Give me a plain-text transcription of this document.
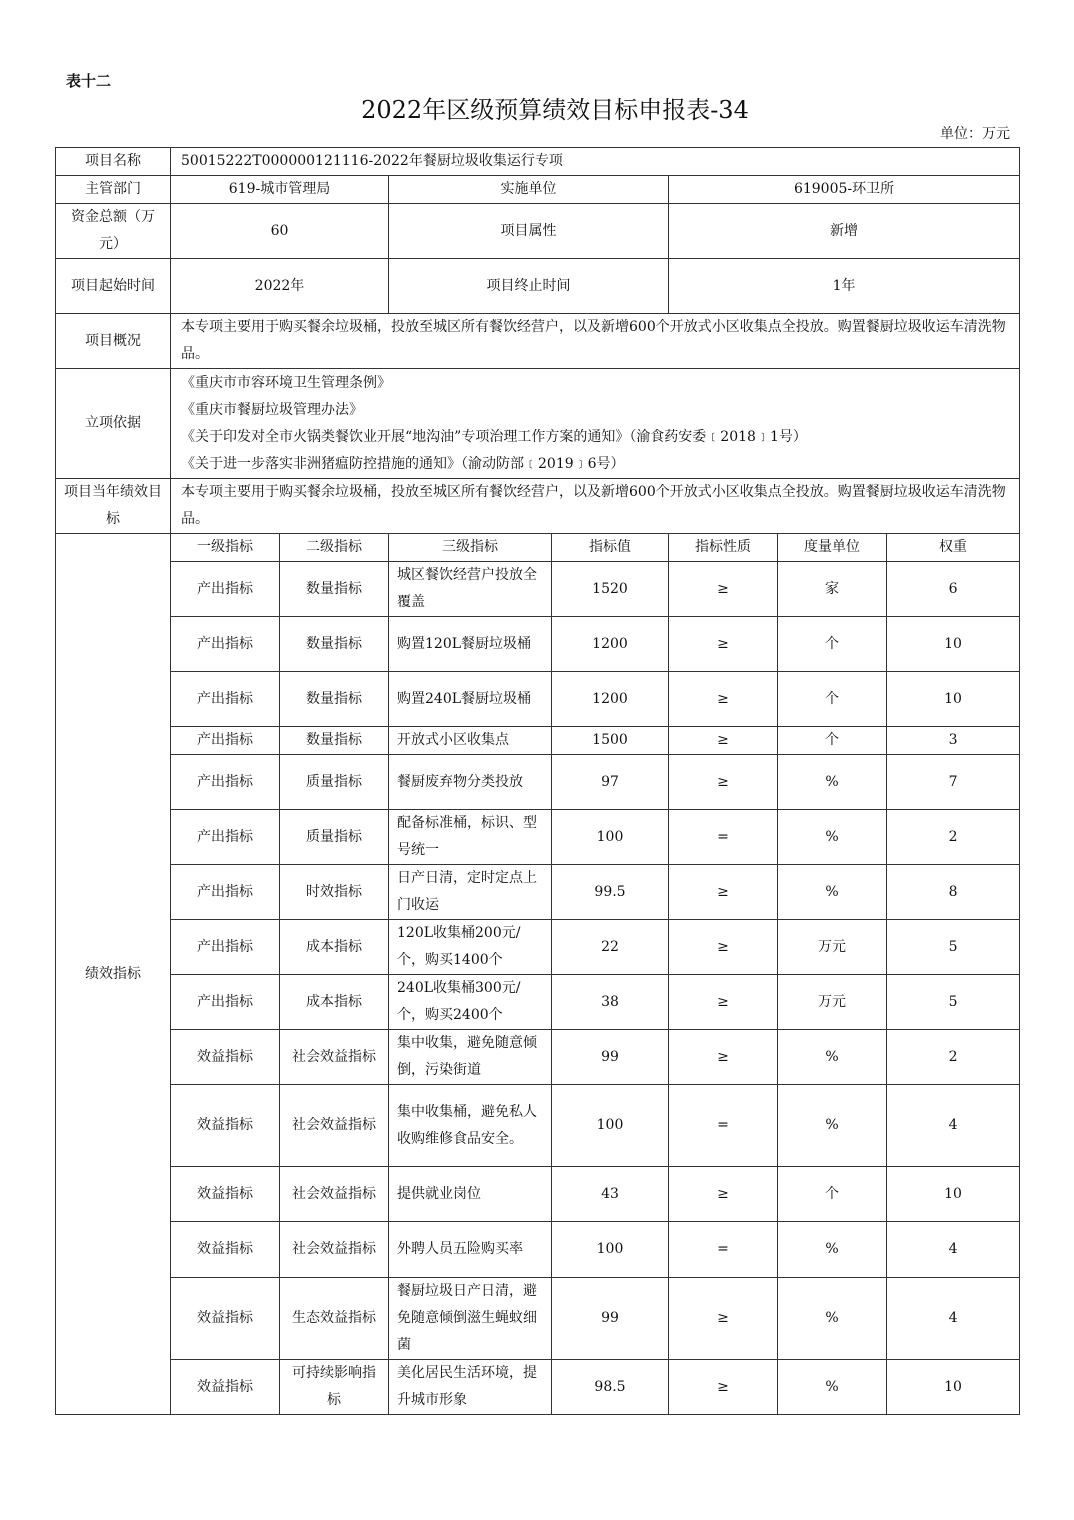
表十二
2022年区级预算绩效目标申报表-34
单位：万元
项目名称	50015222T000000121116-2022年餐厨垃圾收集运行专项						
主管部门	619-城市管理局		实施单位		619005-环卫所		
资金总额（万元）	60		项目属性		新增		
项目起始时间	2022年		项目终止时间		1年		
项目概况	本专项主要用于购买餐余垃圾桶，投放至城区所有餐饮经营户，以及新增600个开放式小区收集点全投放。购置餐厨垃圾收运车清洗物品。						
立项依据	《重庆市市容环境卫生管理条例》
《重庆市餐厨垃圾管理办法》
《关于印发对全市火锅类餐饮业开展“地沟油”专项治理工作方案的通知》（渝食药安委﹝2018﹞1号）
《关于进一步落实非洲猪瘟防控措施的通知》（渝动防部﹝2019﹞6号）						

项目当年绩效目标	本专项主要用于购买餐余垃圾桶，投放至城区所有餐饮经营户，以及新增600个开放式小区收集点全投放。购置餐厨垃圾收运车清洗物品。						
绩效指标	一级指标	二级指标	三级指标	指标值	指标性质	度量单位	权重
	产出指标	数量指标	城区餐饮经营户投放全覆盖	1520	≥	家	6
	产出指标	数量指标	购置120L餐厨垃圾桶	1200	≥	个	10
	产出指标	数量指标	购置240L餐厨垃圾桶	1200	≥	个	10
	产出指标	数量指标	开放式小区收集点	1500	≥	个	3
	产出指标	质量指标	餐厨废弃物分类投放	97	≥	%	7
	产出指标	质量指标	配备标准桶，标识、型号统一	100	=	%	2
	产出指标	时效指标	日产日清，定时定点上门收运	99.5	≥	%	8
	产出指标	成本指标	120L收集桶200元/个，购买1400个	22	≥	万元	5
	产出指标	成本指标	240L收集桶300元/个，购买2400个	38	≥	万元	5
	效益指标	社会效益指标	集中收集，避免随意倾倒，污染街道	99	≥	%	2
	效益指标	社会效益指标	集中收集桶，避免私人收购维修食品安全。	100	=	%	4
	效益指标	社会效益指标	提供就业岗位	43	≥	个	10
	效益指标	社会效益指标	外聘人员五险购买率	100	=	%	4
	效益指标	生态效益指标	餐厨垃圾日产日清，避免随意倾倒滋生蝇蚊细菌	99	≥	%	4
	效益指标	可持续影响指标	美化居民生活环境，提升城市形象	98.5	≥	%	10
